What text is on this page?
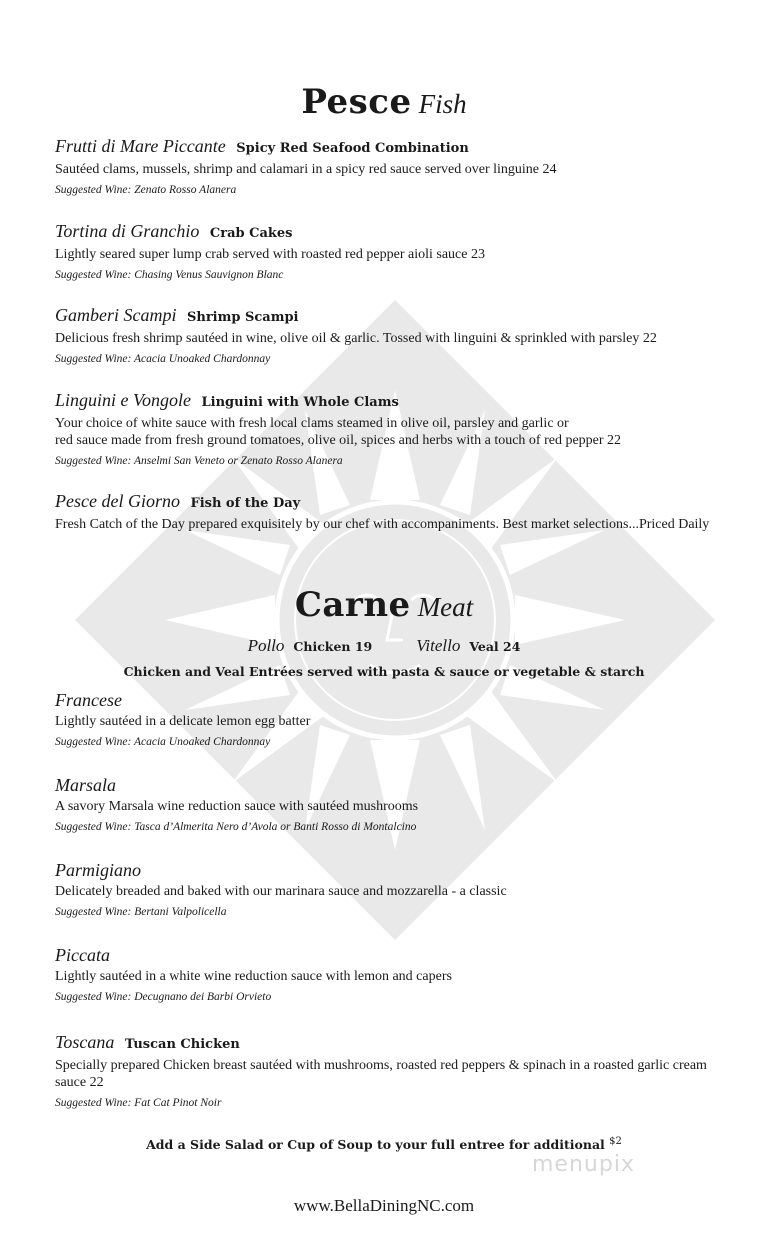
Pesce Fish
Frutti di Mare Piccante Spicy Red Seafood Combination
Sautéed clams, mussels, shrimp and calamari in a spicy red sauce served over linguine 24
Suggested Wine: Zenato Rosso Alanera
Tortina di Granchio Crab Cakes
Lightly seared super lump crab served with roasted red pepper aioli sauce 23
Suggested Wine: Chasing Venus Sauvignon Blanc
Gamberi Scampi Shrimp Scampi
Delicious fresh shrimp sautéed in wine, olive oil & garlic. Tossed with linguini & sprinkled with parsley 22
Suggested Wine: Acacia Unoaked Chardonnay
Linguini e Vongole Linguini with Whole Clams
Your choice of white sauce with fresh local clams steamed in olive oil, parsley and garlic or
red sauce made from fresh ground tomatoes, olive oil, spices and herbs with a touch of red pepper 22
Suggested Wine: Anselmi San Veneto or Zenato Rosso Alanera
Pesce del Giorno Fish of the Day
Fresh Catch of the Day prepared exquisitely by our chef with accompaniments. Best market selections...Priced Daily
Carne Meat
Pollo Chicken 19	Vitello Veal 24
Chicken and Veal Entrées served with pasta & sauce or vegetable & starch
Francese
Lightly sautéed in a delicate lemon egg batter
Suggested Wine: Acacia Unoaked Chardonnay
Marsala
A savory Marsala wine reduction sauce with sautéed mushrooms
Suggested Wine: Tasca d’Almerita Nero d’Avola or Banti Rosso di Montalcino
Parmigiano
Delicately breaded and baked with our marinara sauce and mozzarella - a classic
Suggested Wine: Bertani Valpolicella
Piccata
Lightly sautéed in a white wine reduction sauce with lemon and capers
Suggested Wine: Decugnano dei Barbi Orvieto
Toscana Tuscan Chicken
Specially prepared Chicken breast sautéed with mushrooms, roasted red peppers & spinach in a roasted garlic cream sauce 22
Suggested Wine: Fat Cat Pinot Noir
Add a Side Salad or Cup of Soup to your full entree for additional $^{\$2}$
menupix
www.BellaDiningNC.com
